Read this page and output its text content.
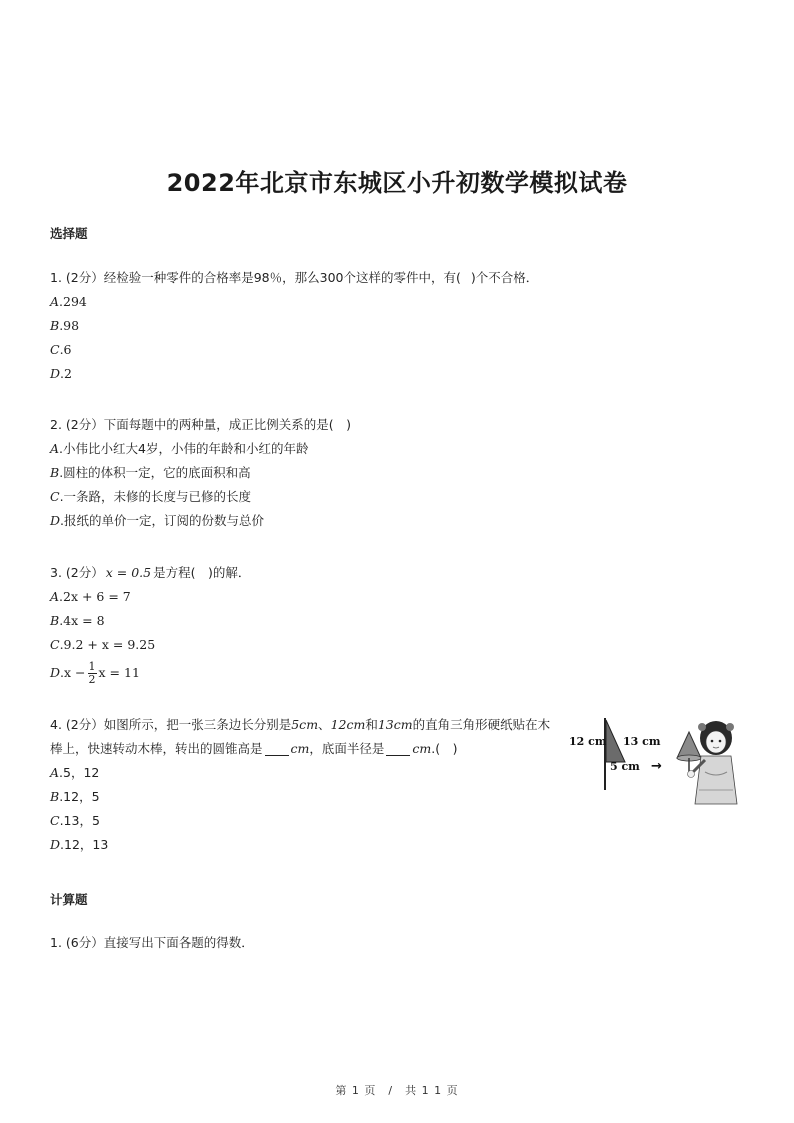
2022年北京市东城区小升初数学模拟试卷
选择题
1. (2分）经检验一种零件的合格率是98％，那么300个这样的零件中，有( )个不合格．
A .294
B .98
C .6
D .2
2. (2分）下面每题中的两种量，成正比例关系的是(　)
A .小伟比小红大4岁，小伟的年龄和小红的年龄
B .圆柱的体积一定，它的底面积和高
C .一条路，未修的长度与已修的长度
D .报纸的单价一定，订阅的份数与总价
3. (2分） x = 0.5 是方程(　)的解．
A .2x + 6 = 7
B .4x = 8
C .9.2 + x = 9.25
D $.x - \frac{1}{2}$ x = 11
4. (2分）如图所示，把一张三条边长分别是 5cm 、 12cm 和 13cm 的直角三角形硬纸贴在木
棒上，快速转动木棒，转出的圆锥高是 cm ，底面半径是 cm .(　)
A .5，12
B .12，5
C .13，5
D .12，13
12 cm 13 cm
5 cm →
计算题
1. (6分）直接写出下面各题的得数．
第 1 页　/　共 1 1 页
